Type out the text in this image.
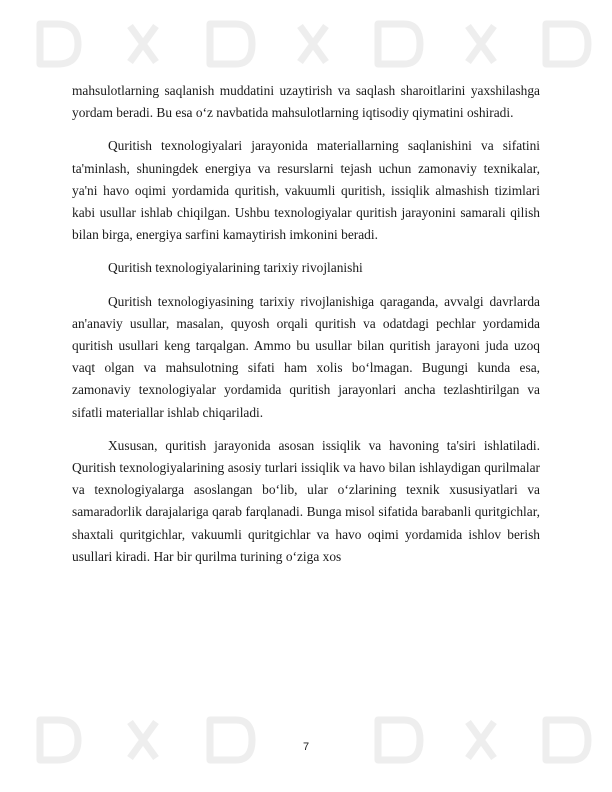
mahsulotlarning saqlanish muddatini uzaytirish va saqlash sharoitlarini yaxshilashga yordam beradi. Bu esa o‘z navbatida mahsulotlarning iqtisodiy qiymatini oshiradi.

Quritish texnologiyalari jarayonida materiallarning saqlanishini va sifatini ta'minlash, shuningdek energiya va resurslarni tejash uchun zamonaviy texnikalar, ya'ni havo oqimi yordamida quritish, vakuumli quritish, issiqlik almashish tizimlari kabi usullar ishlab chiqilgan. Ushbu texnologiyalar quritish jarayonini samarali qilish bilan birga, energiya sarfini kamaytirish imkonini beradi.

Quritish texnologiyalarining tarixiy rivojlanishi

Quritish texnologiyasining tarixiy rivojlanishiga qaraganda, avvalgi davrlarda an'anaviy usullar, masalan, quyosh orqali quritish va odatdagi pechlar yordamida quritish usullari keng tarqalgan. Ammo bu usullar bilan quritish jarayoni juda uzoq vaqt olgan va mahsulotning sifati ham xolis bo‘lmagan. Bugungi kunda esa, zamonaviy texnologiyalar yordamida quritish jarayonlari ancha tezlashtirilgan va sifatli materiallar ishlab chiqariladi.

Xususan, quritish jarayonida asosan issiqlik va havoning ta'siri ishlatiladi. Quritish texnologiyalarining asosiy turlari issiqlik va havo bilan ishlaydigan qurilmalar va texnologiyalarga asoslangan bo‘lib, ular o‘zlarining texnik xususiyatlari va samaradorlik darajalariga qarab farqlanadi. Bunga misol sifatida barabanli quritgichlar, shaxtali quritgichlar, vakuumli quritgichlar va havo oqimi yordamida ishlov berish usullari kiradi. Har bir qurilma turining o‘ziga xos

7
